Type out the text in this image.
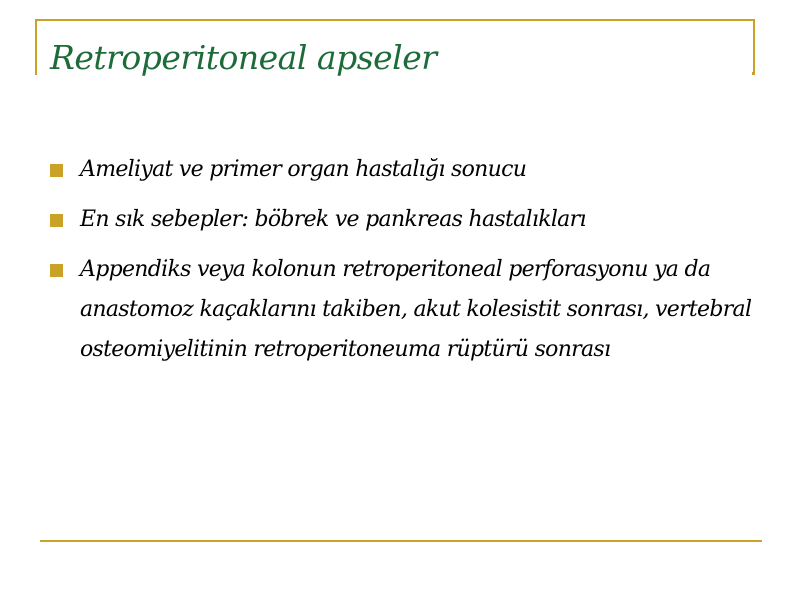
Retroperitoneal apseler
Ameliyat ve primer organ hastalığı sonucu
En sık sebepler: böbrek ve pankreas hastalıkları
Appendiks veya kolonun retroperitoneal perforasyonu ya da anastomoz kaçaklarını takiben, akut kolesistit sonrası, vertebral osteomiyelitinin retroperitoneuma rüptürü sonrası
